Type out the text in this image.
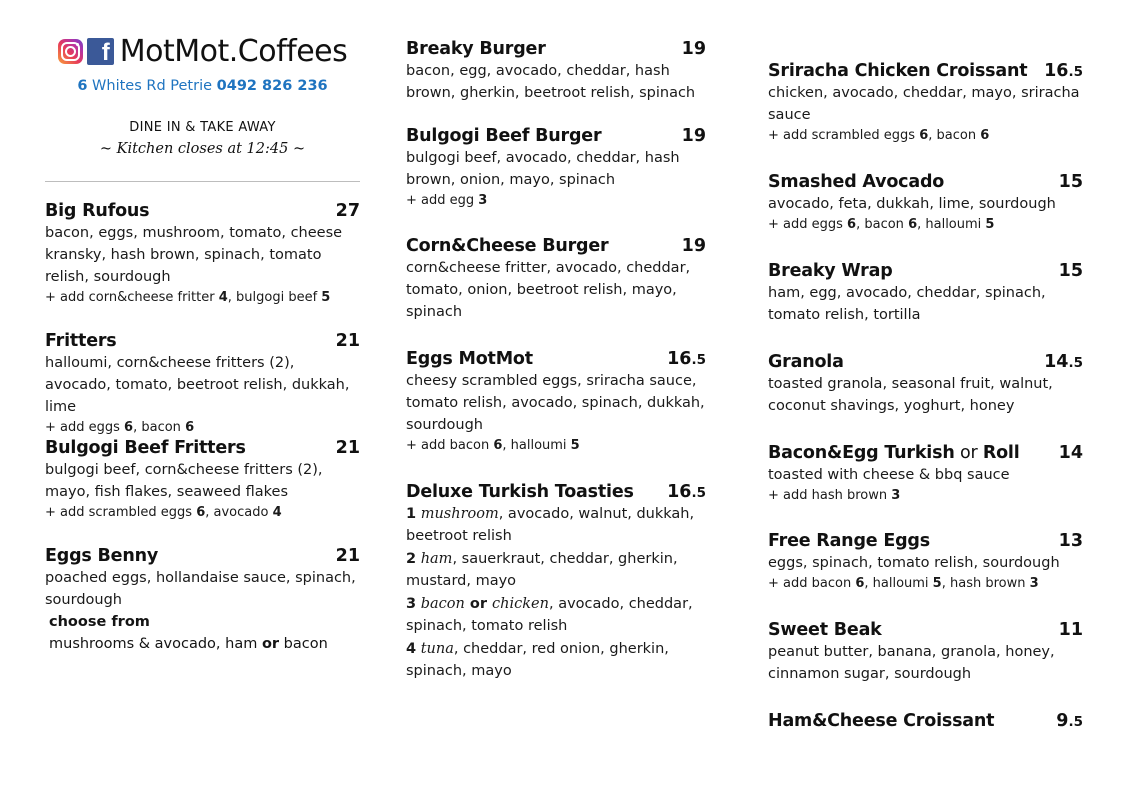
f MotMot.Coffees
6 Whites Rd Petrie 0492 826 236
DINE IN & TAKE AWAY
~ Kitchen closes at 12:45 ~
Big Rufous	27
bacon, eggs, mushroom, tomato, cheese kransky, hash brown, spinach, tomato relish, sourdough
+ add corn&cheese fritter 4, bulgogi beef 5
Fritters	21
halloumi, corn&cheese fritters (2), avocado, tomato, beetroot relish, dukkah, lime
+ add eggs 6, bacon 6
Bulgogi Beef Fritters	21
bulgogi beef, corn&cheese fritters (2), mayo, fish flakes, seaweed flakes
+ add scrambled eggs 6, avocado 4
Eggs Benny	21
poached eggs, hollandaise sauce, spinach, sourdough
choose from
mushrooms & avocado, ham or bacon
Breaky Burger	19
bacon, egg, avocado, cheddar, hash brown, gherkin, beetroot relish, spinach
Bulgogi Beef Burger	19
bulgogi beef, avocado, cheddar, hash brown, onion, mayo, spinach
+ add egg 3
Corn&Cheese Burger	19
corn&cheese fritter, avocado, cheddar, tomato, onion, beetroot relish, mayo, spinach
Eggs MotMot	16.5
cheesy scrambled eggs, sriracha sauce, tomato relish, avocado, spinach, dukkah, sourdough
+ add bacon 6, halloumi 5
Deluxe Turkish Toasties 16.5
1 mushroom, avocado, walnut, dukkah, beetroot relish
2 ham, sauerkraut, cheddar, gherkin, mustard, mayo
3 bacon or chicken, avocado, cheddar, spinach, tomato relish
4 tuna, cheddar, red onion, gherkin, spinach, mayo
Sriracha Chicken Croissant 16.5
chicken, avocado, cheddar, mayo, sriracha sauce
+ add scrambled eggs 6, bacon 6
Smashed Avocado	15
avocado, feta, dukkah, lime, sourdough
+ add eggs 6, bacon 6, halloumi 5
Breaky Wrap	15
ham, egg, avocado, cheddar, spinach, tomato relish, tortilla
Granola	14.5
toasted granola, seasonal fruit, walnut, coconut shavings, yoghurt, honey
Bacon&Egg Turkish or Roll 14
toasted with cheese & bbq sauce
+ add hash brown 3
Free Range Eggs	13
eggs, spinach, tomato relish, sourdough
+ add bacon 6, halloumi 5, hash brown 3
Sweet Beak	11
peanut butter, banana, granola, honey, cinnamon sugar, sourdough
Ham&Cheese Croissant	9.5
